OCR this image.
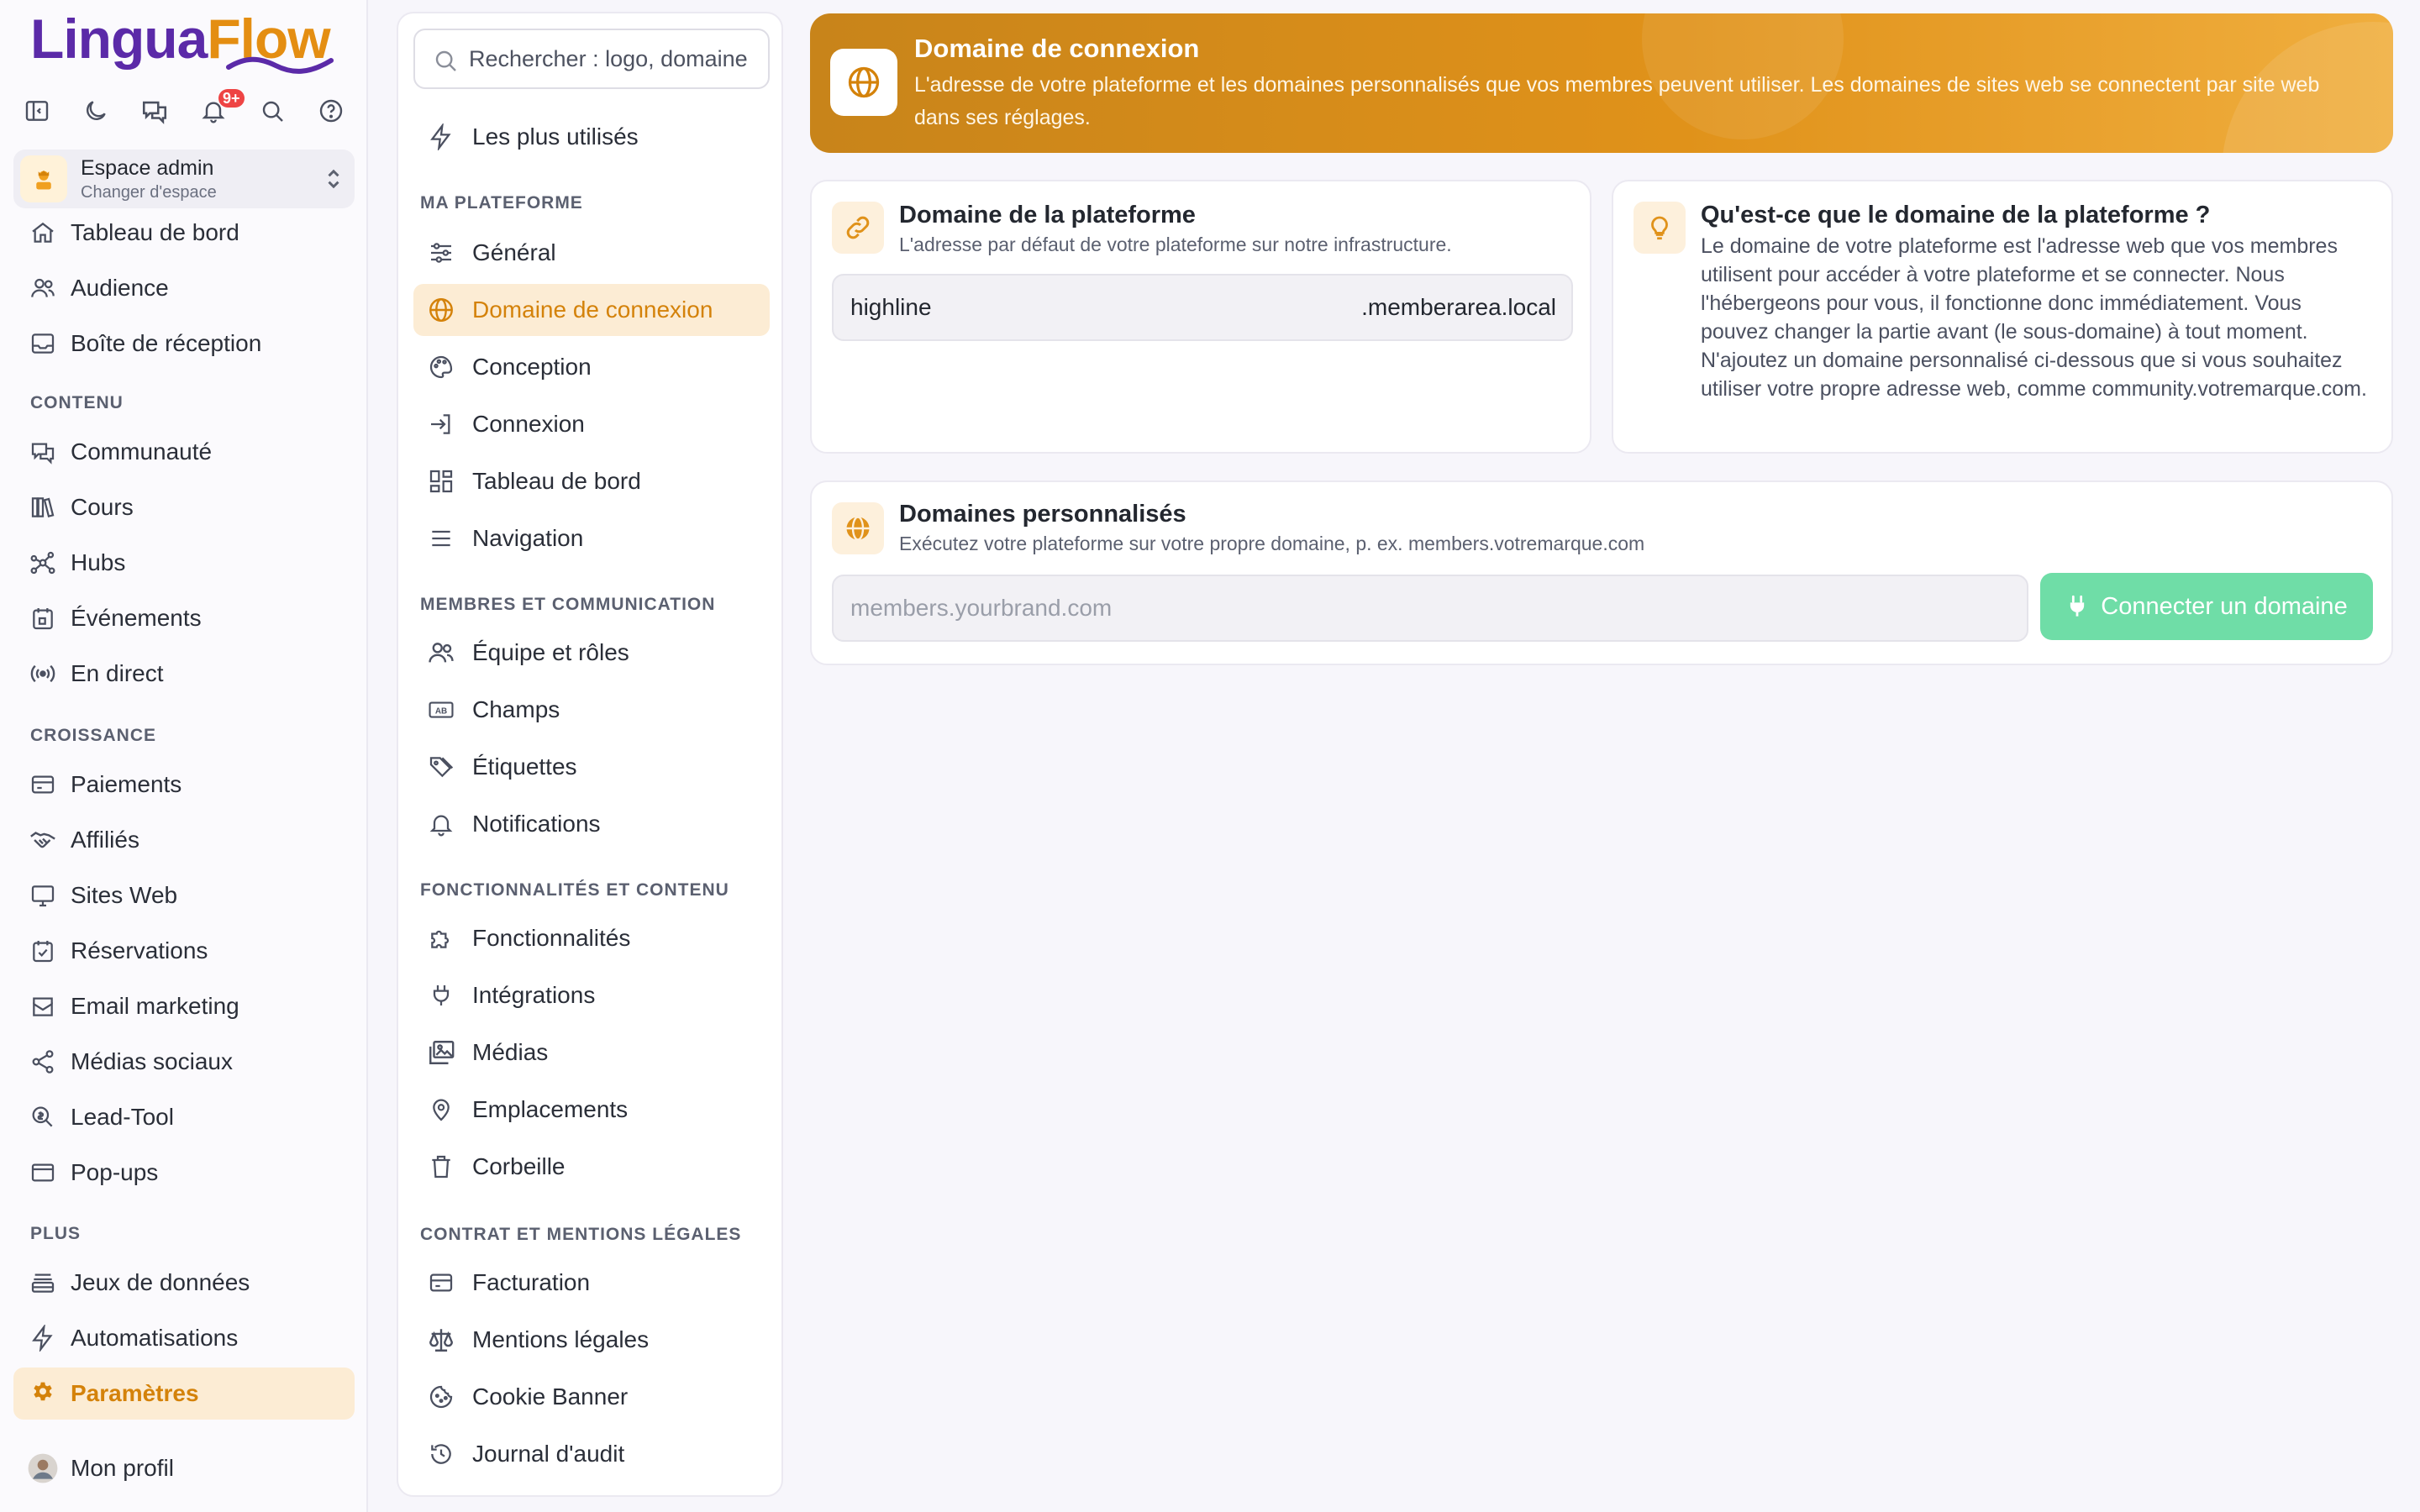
LinguaFlow
9+
Espace admin
Changer d'espace
Tableau de bord
Audience
Boîte de réception
CONTENU
Communauté
Cours
Hubs
Événements
En direct
CROISSANCE
Paiements
Affiliés
Sites Web
Réservations
Email marketing
Médias sociaux
Lead-Tool
Pop-ups
PLUS
Jeux de données
Automatisations
Paramètres
Mon profil
Rechercher : logo, domaine
Les plus utilisés
MA PLATEFORME
Général
Domaine de connexion
Conception
Connexion
Tableau de bord
Navigation
MEMBRES ET COMMUNICATION
Équipe et rôles
AB Champs
Étiquettes
Notifications
FONCTIONNALITÉS ET CONTENU
Fonctionnalités
Intégrations
Médias
Emplacements
Corbeille
CONTRAT ET MENTIONS LÉGALES
Facturation
Mentions légales
Cookie Banner
Journal d'audit
Domaine de connexion

L'adresse de votre plateforme et les domaines personnalisés que vos membres peuvent utiliser. Les domaines de sites web se connectent par site web dans ses réglages.

Domaine de la plateforme

L'adresse par défaut de votre plateforme sur notre infrastructure.

highline	.memberarea.local
Qu'est-ce que le domaine de la plateforme ?

Le domaine de votre plateforme est l'adresse web que vos membres utilisent pour accéder à votre plateforme et se connecter. Nous l'hébergeons pour vous, il fonctionne donc immédiatement. Vous pouvez changer la partie avant (le sous-domaine) à tout moment. N'ajoutez un domaine personnalisé ci-dessous que si vous souhaitez utiliser votre propre adresse web, comme community.votremarque.com.

Domaines personnalisés

Exécutez votre plateforme sur votre propre domaine, p. ex. members.votremarque.com

members.yourbrand.com
Connecter un domaine
